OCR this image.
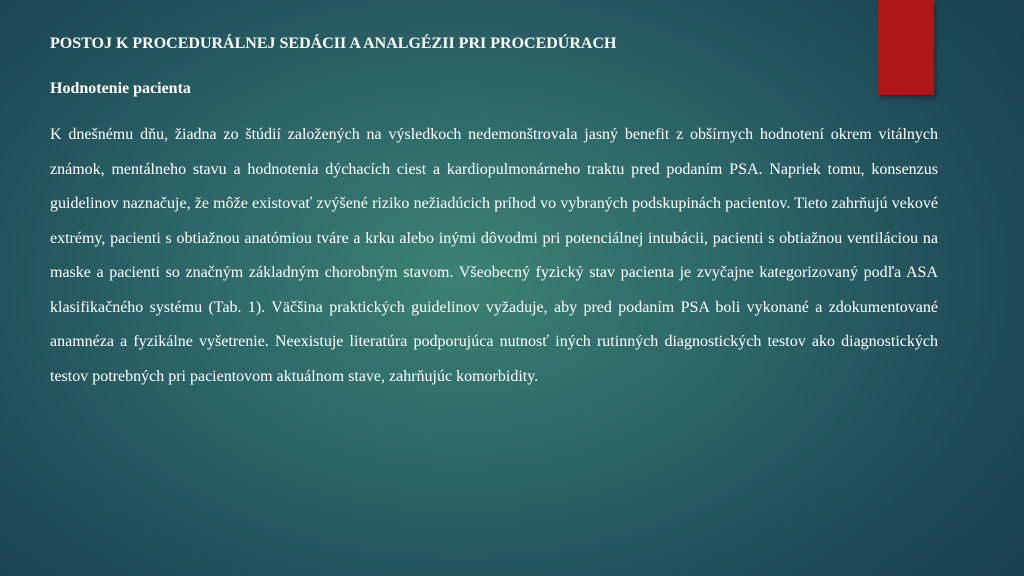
POSTOJ K PROCEDURÁLNEJ SEDÁCII A ANALGÉZII PRI PROCEDÚRACH
Hodnotenie pacienta

K dnešnému dňu, žiadna zo štúdií založených na výsledkoch nedemonštrovala jasný benefit z obšírnych hodnotení okrem vitálnych známok, mentálneho stavu a hodnotenia dýchacích ciest a kardiopulmonárneho traktu pred podaním PSA. Napriek tomu, konsenzus guidelinov naznačuje, že môže existovať zvýšené riziko nežiadúcich príhod vo vybraných podskupinách pacientov. Tieto zahrňujú vekové extrémy, pacienti s obtiažnou anatómiou tváre a krku alebo inými dôvodmi pri potenciálnej intubácii, pacienti s obtiažnou ventiláciou na maske a pacienti so značným základným chorobným stavom. Všeobecný fyzický stav pacienta je zvyčajne kategorizovaný podľa ASA klasifikačného systému (Tab. 1). Väčšina praktických guidelinov vyžaduje, aby pred podaním PSA boli vykonané a zdokumentované anamnéza a fyzikálne vyšetrenie. Neexistuje literatúra podporujúca nutnosť iných rutinných diagnostických testov ako diagnostických testov potrebných pri pacientovom aktuálnom stave, zahrňujúc komorbidity.
